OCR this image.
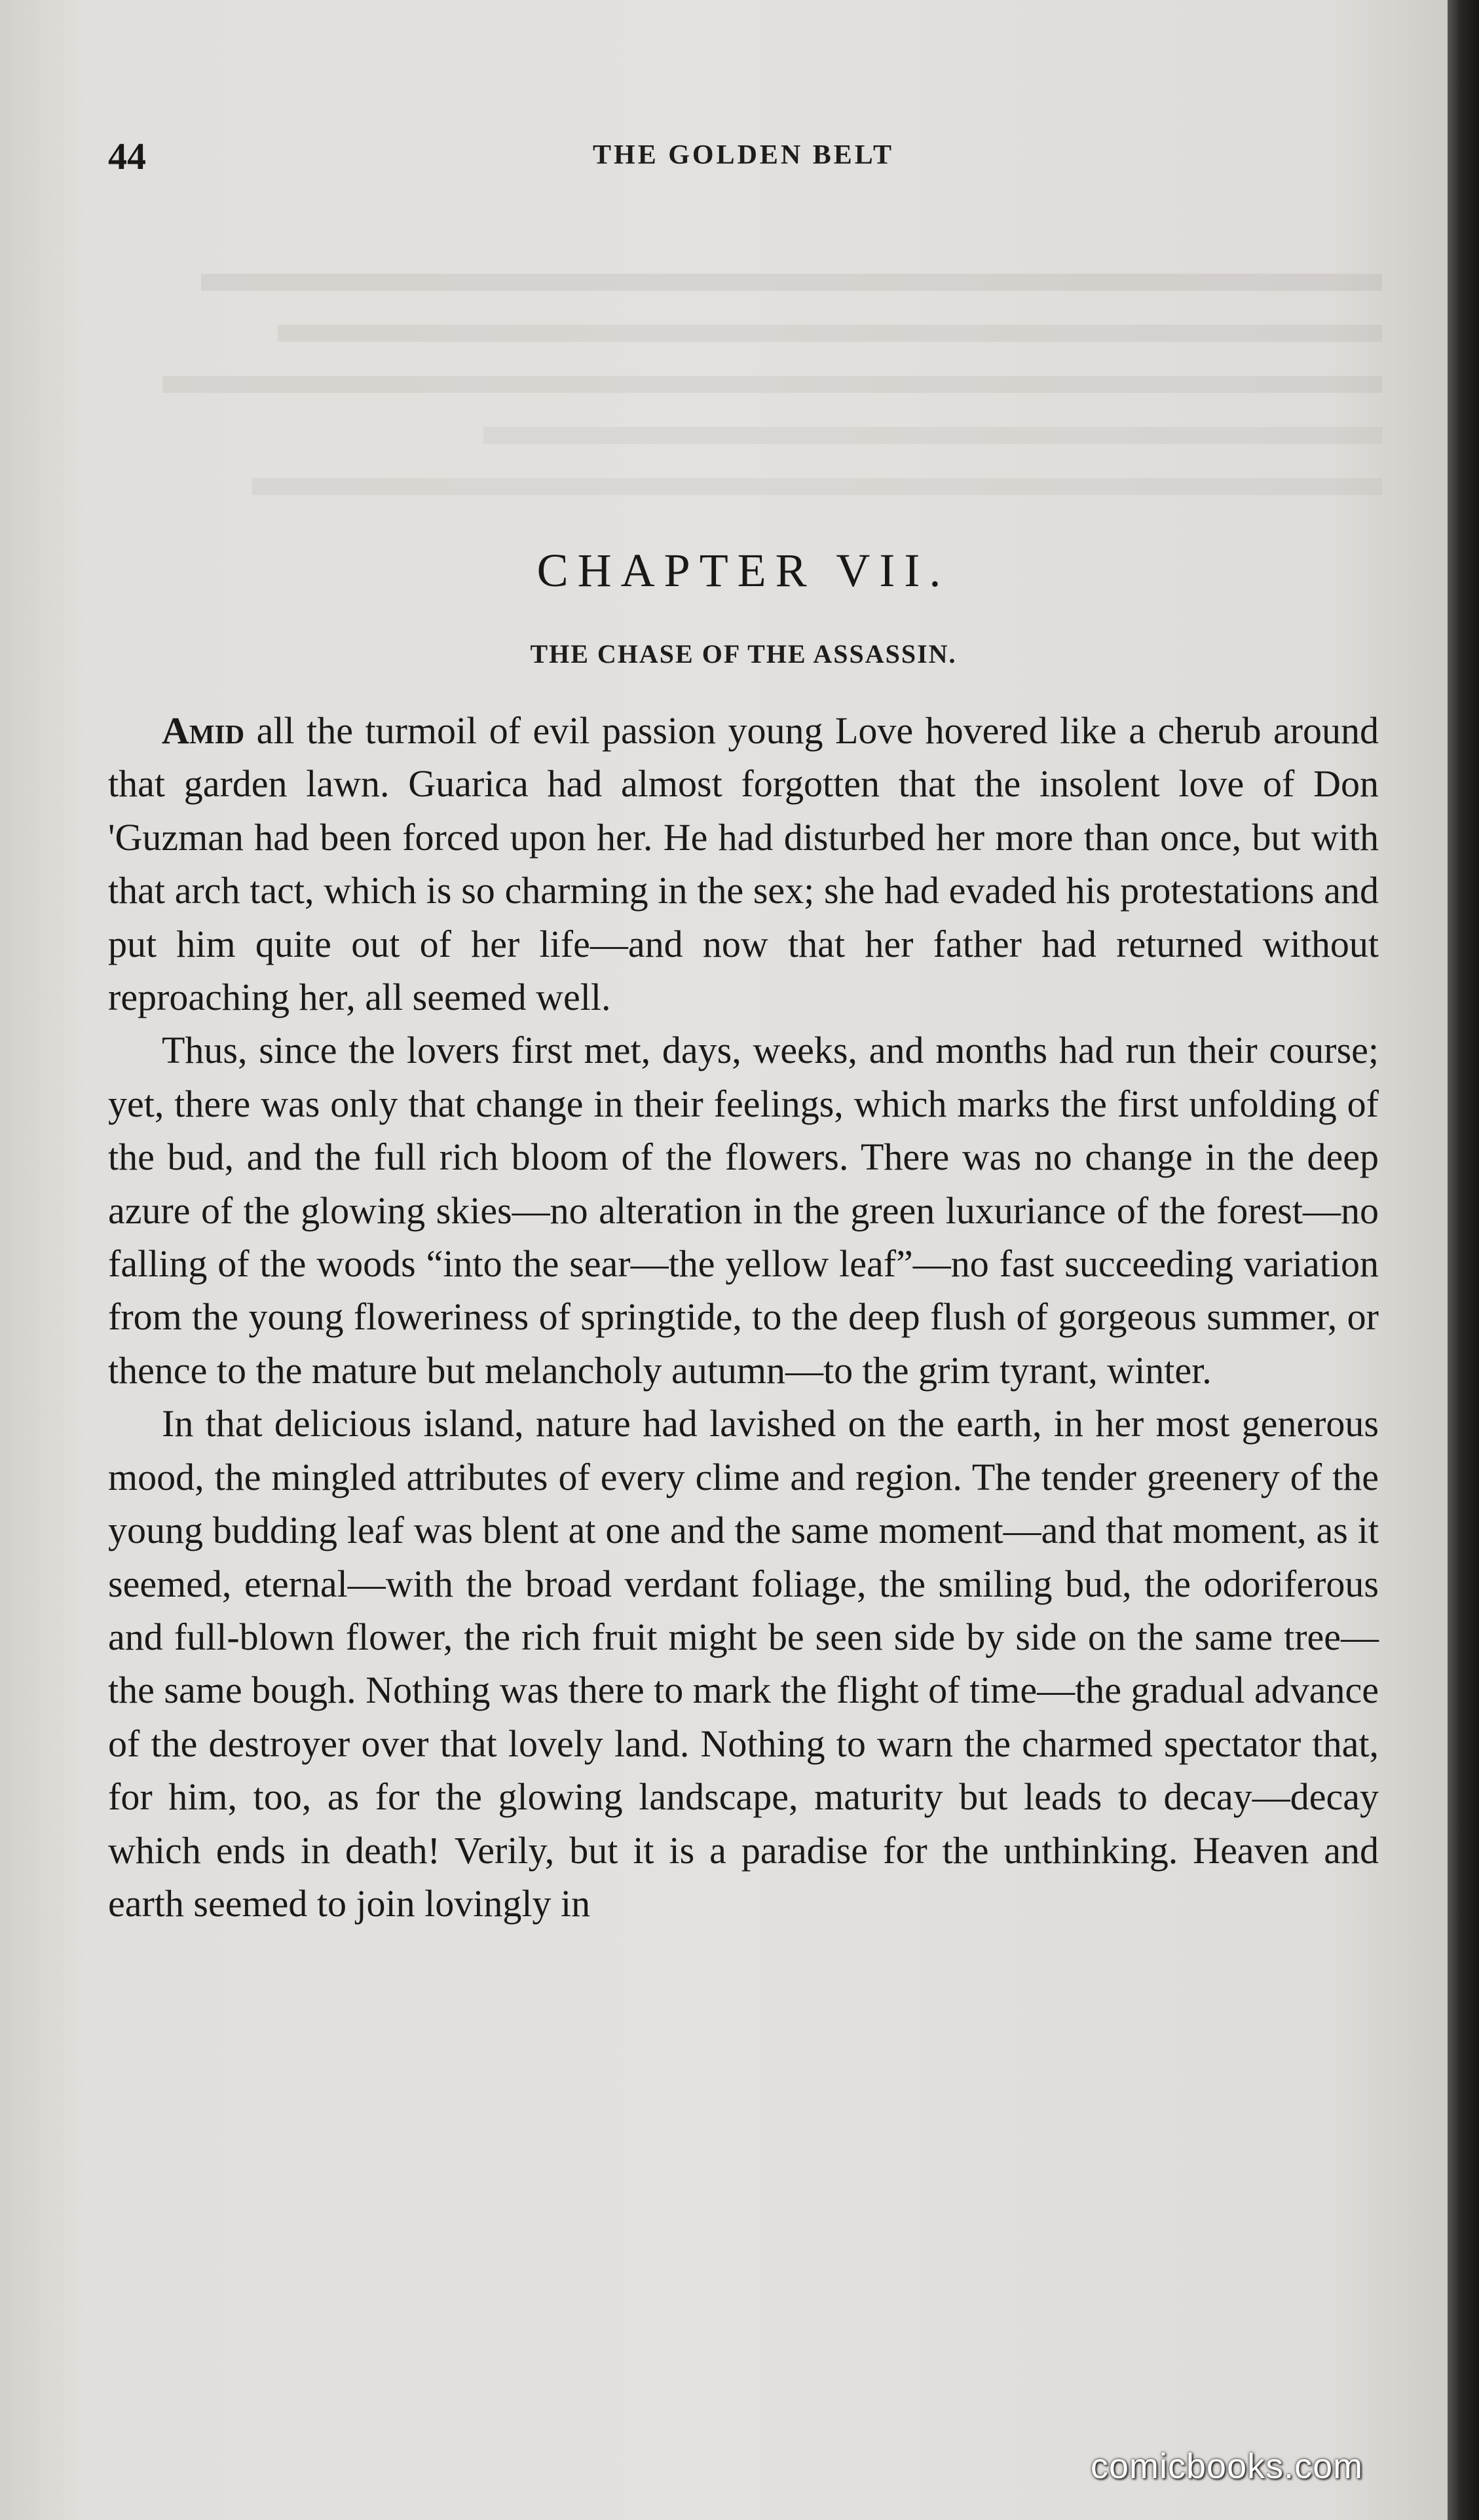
44	THE GOLDEN BELT
CHAPTER VII.
THE CHASE OF THE ASSASSIN.

Amid all the turmoil of evil passion young Love hovered like a cherub around that garden lawn. Guarica had almost forgotten that the insolent love of Don 'Guzman had been forced upon her. He had disturbed her more than once, but with that arch tact, which is so charming in the sex; she had evaded his protestations and put him quite out of her life—and now that her father had returned without reproaching her, all seemed well.

Thus, since the lovers first met, days, weeks, and months had run their course; yet, there was only that change in their feelings, which marks the first unfolding of the bud, and the full rich bloom of the flowers. There was no change in the deep azure of the glowing skies—no alteration in the green luxuriance of the forest—no falling of the woods “into the sear—the yellow leaf”—no fast succeeding variation from the young floweriness of springtide, to the deep flush of gorgeous summer, or thence to the mature but melancholy autumn—to the grim tyrant, winter.

In that delicious island, nature had lavished on the earth, in her most generous mood, the mingled attributes of every clime and region. The tender greenery of the young budding leaf was blent at one and the same moment—and that moment, as it seemed, eternal—with the broad verdant foliage, the smiling bud, the odoriferous and full-blown flower, the rich fruit might be seen side by side on the same tree—the same bough. Nothing was there to mark the flight of time—the gradual advance of the destroyer over that lovely land. Nothing to warn the charmed spectator that, for him, too, as for the glowing landscape, maturity but leads to decay—decay which ends in death! Verily, but it is a paradise for the unthinking. Heaven and earth seemed to join lovingly in

comicbooks.com
